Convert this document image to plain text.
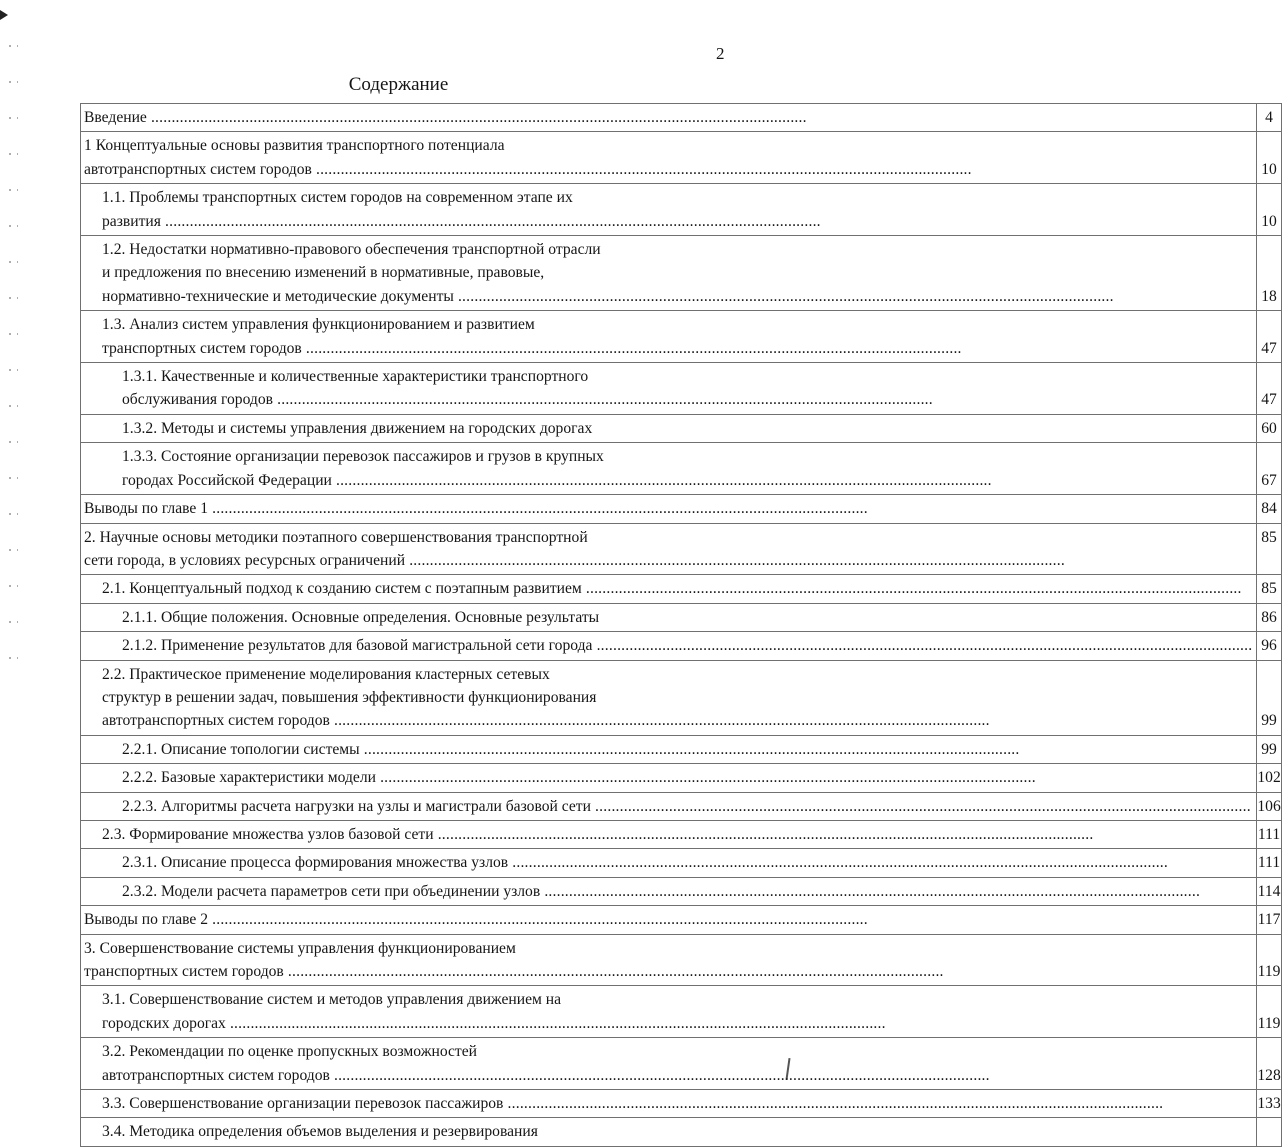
2
Содержание
Введение ................................................................................................................................................................	4

1 Концептуальные основы развития транспортного потенциала
автотранспортных систем городов ................................................................................................................................................................	10

1.1. Проблемы транспортных систем городов на современном этапе их
развития ................................................................................................................................................................	10

1.2. Недостатки нормативно-правового обеспечения транспортной отрасли
и предложения по внесению изменений в нормативные, правовые,
нормативно-технические и методические документы ................................................................................................................................................................	18

1.3. Анализ систем управления функционированием и развитием
транспортных систем городов ................................................................................................................................................................	47

1.3.1. Качественные и количественные характеристики транспортного
обслуживания городов ................................................................................................................................................................	47

1.3.2. Методы и системы управления движением на городских дорогах	60

1.3.3. Состояние организации перевозок пассажиров и грузов в крупных
городах Российской Федерации ................................................................................................................................................................	67

Выводы по главе 1 ................................................................................................................................................................	84

2. Научные основы методики поэтапного совершенствования транспортной
сети города, в условиях ресурсных ограничений ................................................................................................................................................................	85

2.1. Концептуальный подход к созданию систем с поэтапным развитием ................................................................................................................................................................	85

2.1.1. Общие положения. Основные определения. Основные результаты	86

2.1.2. Применение результатов для базовой магистральной сети города ................................................................................................................................................................	96

2.2. Практическое применение моделирования кластерных сетевых
структур в решении задач, повышения эффективности функционирования
автотранспортных систем городов ................................................................................................................................................................	99

2.2.1. Описание топологии системы ................................................................................................................................................................	99

2.2.2. Базовые характеристики модели ................................................................................................................................................................	102

2.2.3. Алгоритмы расчета нагрузки на узлы и магистрали базовой сети ................................................................................................................................................................	106

2.3. Формирование множества узлов базовой сети ................................................................................................................................................................	111

2.3.1. Описание процесса формирования множества узлов ................................................................................................................................................................	111

2.3.2. Модели расчета параметров сети при объединении узлов ................................................................................................................................................................	114

Выводы по главе 2 ................................................................................................................................................................	117

3. Совершенствование системы управления функционированием
транспортных систем городов ................................................................................................................................................................	119

3.1. Совершенствование систем и методов управления движением на
городских дорогах ................................................................................................................................................................	119

3.2. Рекомендации по оценке пропускных возможностей
автотранспортных систем городов ................................................................................................................................................................	128

3.3. Совершенствование организации перевозок пассажиров ................................................................................................................................................................	133

3.4. Методика определения объемов выделения и резервирования	
